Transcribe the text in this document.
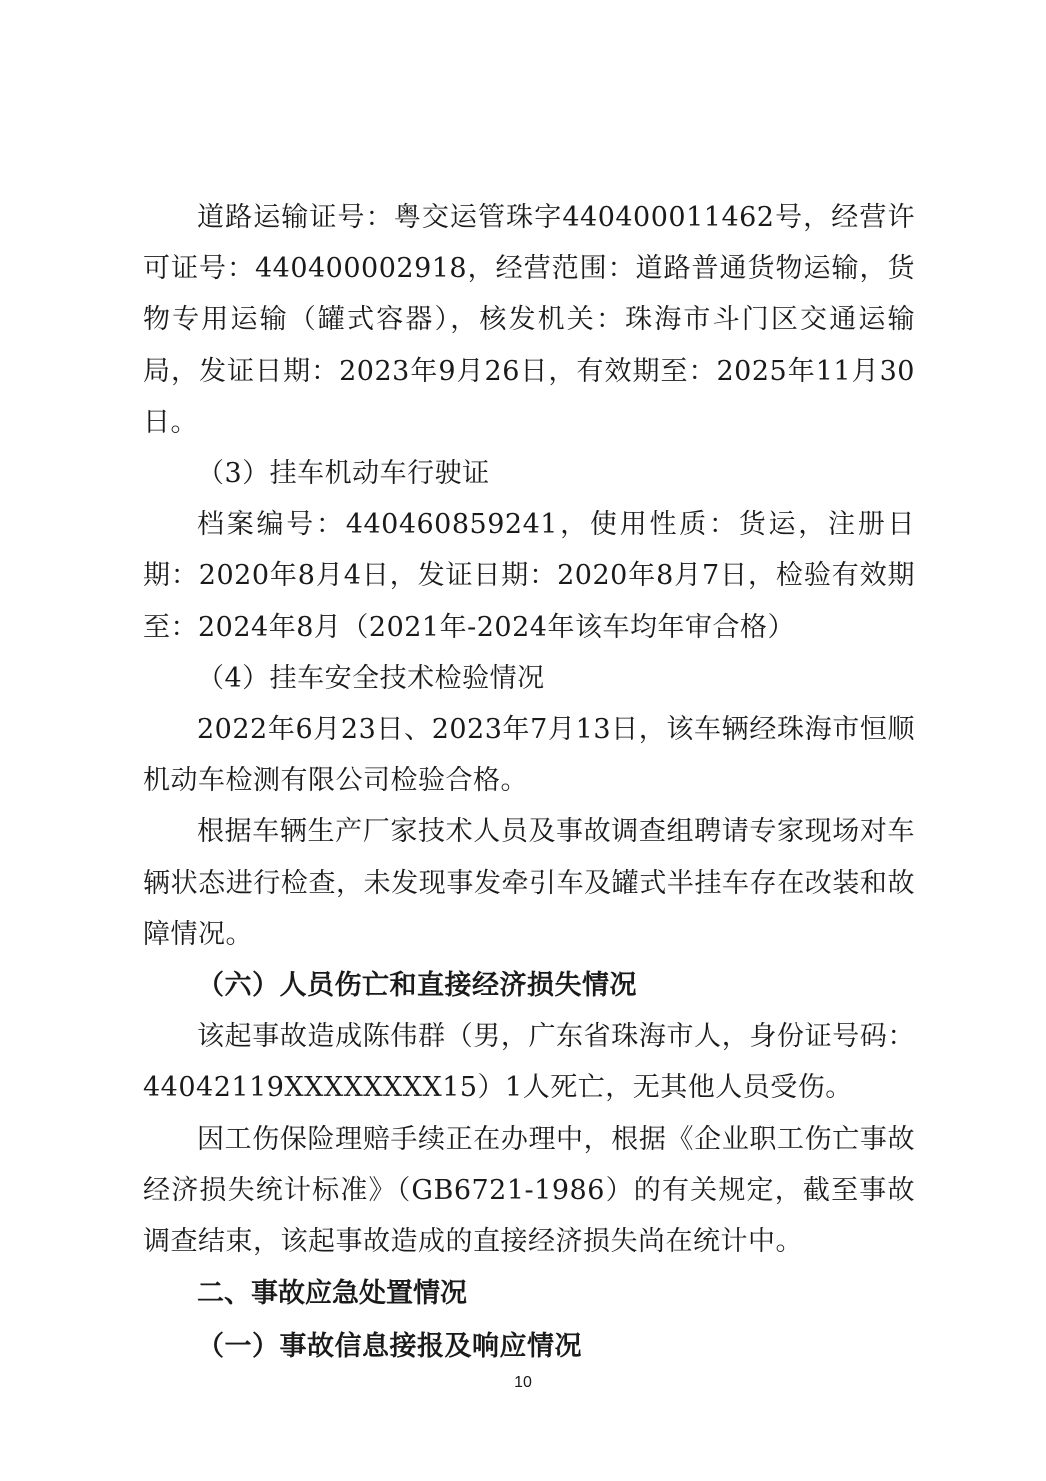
道路运输证号：粤交运管珠字440400011462号，经营许可证号：440400002918，经营范围：道路普通货物运输，货物专用运输（罐式容器），核发机关：珠海市斗门区交通运输局，发证日期：2023年9月26日，有效期至：2025年11月30日。

（3）挂车机动车行驶证

档案编号：440460859241，使用性质：货运，注册日期：2020年8月4日，发证日期：2020年8月7日，检验有效期至：2024年8月（2021年-2024年该车均年审合格）

（4）挂车安全技术检验情况

2022年6月23日、2023年7月13日，该车辆经珠海市恒顺机动车检测有限公司检验合格。

根据车辆生产厂家技术人员及事故调查组聘请专家现场对车辆状态进行检查，未发现事发牵引车及罐式半挂车存在改装和故障情况。

（六）人员伤亡和直接经济损失情况

该起事故造成陈伟群（男，广东省珠海市人，身份证号码：44042119XXXXXXXX15）1人死亡，无其他人员受伤。

因工伤保险理赔手续正在办理中，根据《企业职工伤亡事故经济损失统计标准》（GB6721-1986）的有关规定，截至事故调查结束，该起事故造成的直接经济损失尚在统计中。

二、事故应急处置情况

（一）事故信息接报及响应情况

10
